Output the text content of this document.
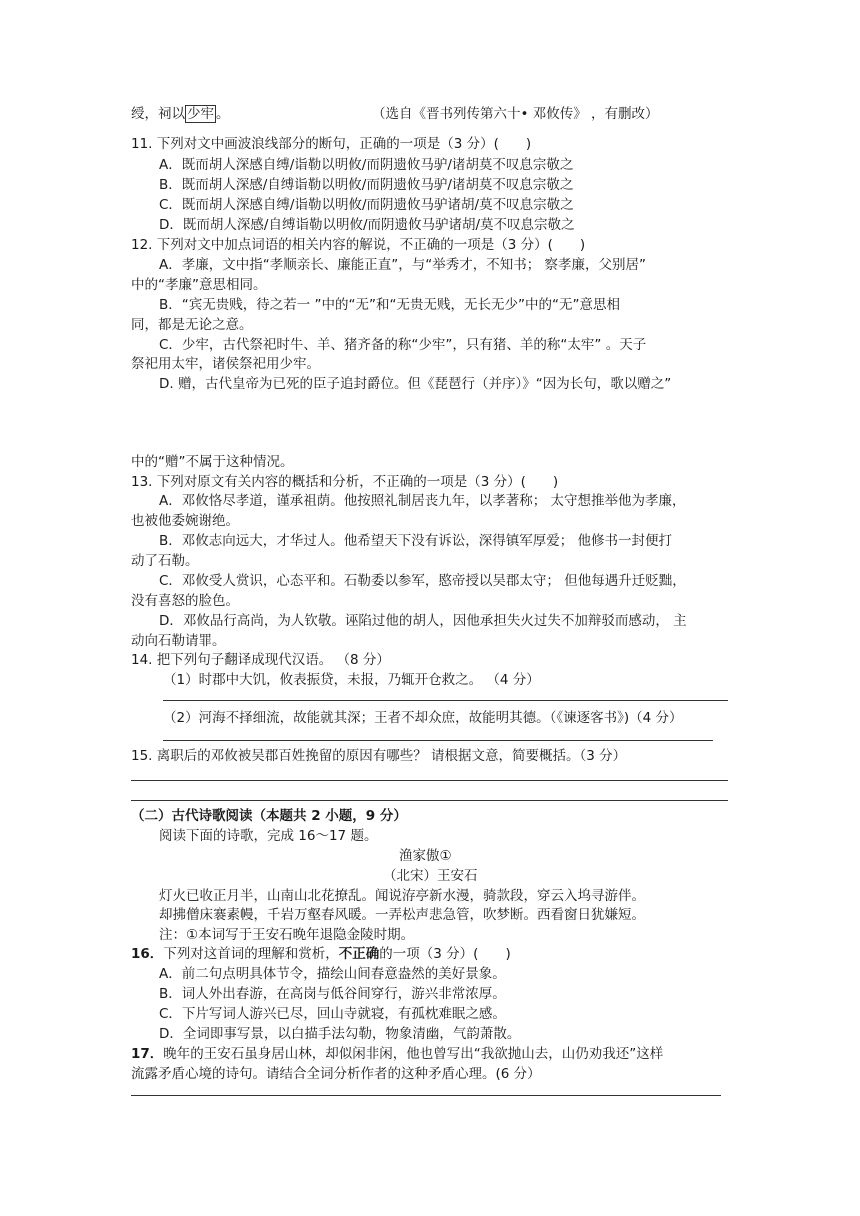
绶，祠以 少牢 。	（选自《晋书列传第六十• 邓攸传》 ，有删改）
11. 下列对文中画波浪线部分的断句，正确的一项是（3 分）(　　)
A．既而胡人深感自缚/诣勒以明攸/而阴遗攸马驴/诸胡莫不叹息宗敬之
B．既而胡人深感/自缚诣勒以明攸/而阴遗攸马驴/诸胡莫不叹息宗敬之
C．既而胡人深感自缚/诣勒以明攸/而阴遗攸马驴诸胡/莫不叹息宗敬之
D．既而胡人深感/自缚诣勒以明攸/而阴遗攸马驴诸胡/莫不叹息宗敬之
12. 下列对文中加点词语的相关内容的解说，不正确的一项是（3 分）(　　)
A．孝廉，文中指“孝顺亲长、廉能正直”，与“举秀才，不知书； 察孝廉，父别居”
中的“孝廉”意思相同。
B．“宾无贵贱，待之若一 ”中的“无”和“无贵无贱，无长无少”中的“无”意思相
同，都是无论之意。
C．少牢，古代祭祀时牛、羊、猪齐备的称“少牢”，只有猪、羊的称“太牢” 。天子
祭祀用太牢，诸侯祭祀用少牢。
D. 赠，古代皇帝为已死的臣子追封爵位。但《琵琶行（并序）》“因为长句，歌以赠之”
中的“赠”不属于这种情况。
13. 下列对原文有关内容的概括和分析，不正确的一项是（3 分）(　　)
A．邓攸恪尽孝道，谨承祖荫。他按照礼制居丧九年，以孝著称； 太守想推举他为孝廉，
也被他委婉谢绝。
B．邓攸志向远大，才华过人。他希望天下没有诉讼，深得镇军厚爱； 他修书一封便打
动了石勒。
C．邓攸受人赏识，心态平和。石勒委以参军，愍帝授以吴郡太守； 但他每遇升迁贬黜，
没有喜怒的脸色。
D．邓攸品行高尚，为人钦敬。诬陷过他的胡人，因他承担失火过失不加辩驳而感动， 主
动向石勒请罪。
14. 把下列句子翻译成现代汉语。 （8 分）
（1）时郡中大饥，攸表振贷，未报，乃辄开仓救之。 （4 分）
（2）河海不择细流，故能就其深；王者不却众庶，故能明其德。（《谏逐客书》)（4 分）
15. 离职后的邓攸被吴郡百姓挽留的原因有哪些？ 请根据文意，简要概括。（3 分）
（二）古代诗歌阅读（本题共 2 小题，9 分）
阅读下面的诗歌，完成 16～17 题。
渔家傲①
（北宋）王安石
灯火已收正月半，山南山北花撩乱。闻说洊亭新水漫，骑款段，穿云入坞寻游伴。
却拂僧床褰素幔，千岩万壑春风暖。一弄松声悲急管，吹梦断。西看窗日犹嫌短。
注：①本词写于王安石晚年退隐金陵时期。
16．下列对这首词的理解和赏析，不正确的一项（3 分）(　　)
A．前二句点明具体节令，描绘山间春意盎然的美好景象。
B．词人外出春游，在高岗与低谷间穿行，游兴非常浓厚。
C．下片写词人游兴已尽，回山寺就寝，有孤枕难眠之感。
D．全词即事写景，以白描手法勾勒，物象清幽，气韵萧散。
17．晚年的王安石虽身居山林，却似闲非闲，他也曾写出“我欲抛山去，山仍劝我还”这样
流露矛盾心境的诗句。请结合全词分析作者的这种矛盾心理。(6 分）
